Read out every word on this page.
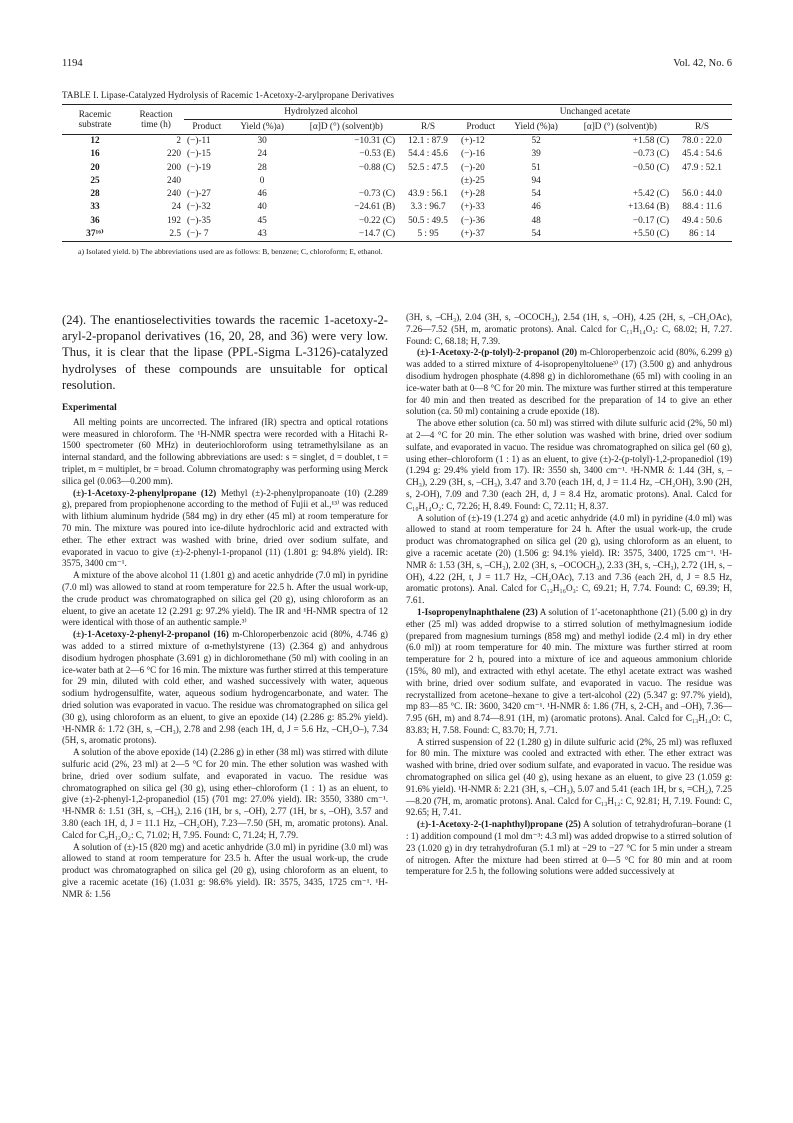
1194	Vol. 42, No. 6
TABLE I. Lipase-Catalyzed Hydrolysis of Racemic 1-Acetoxy-2-arylpropane Derivatives
Racemic substrate	Reaction time (h)	Hydrolyzed alcohol				Unchanged acetate			
		Product	Yield (%)a)	[α]D (°) (solvent)b)	R/S	Product	Yield (%)a)	[α]D (°) (solvent)b)	R/S
12	2	(−)-11	30	−10.31 (C)	12.1 : 87.9	(+)-12	52	+1.58 (C)	78.0 : 22.0
16	220	(−)-15	24	−0.53 (E)	54.4 : 45.6	(−)-16	39	−0.73 (C)	45.4 : 54.6
20	200	(−)-19	28	−0.88 (C)	52.5 : 47.5	(−)-20	51	−0.50 (C)	47.9 : 52.1
25	240		0			(±)-25	94		
28	240	(−)-27	46	−0.73 (C)	43.9 : 56.1	(+)-28	54	+5.42 (C)	56.0 : 44.0
33	24	(−)-32	40	−24.61 (B)	3.3 : 96.7	(+)-33	46	+13.64 (B)	88.4 : 11.6
36	192	(−)-35	45	−0.22 (C)	50.5 : 49.5	(−)-36	48	−0.17 (C)	49.4 : 50.6
37¹⁶⁾	2.5	(−)- 7	43	−14.7 (C)	5 : 95	(+)-37	54	+5.50 (C)	86 : 14
a) Isolated yield. b) The abbreviations used are as follows: B, benzene; C, chloroform; E, ethanol.

(24). The enantioselectivities towards the racemic 1-acetoxy-2-aryl-2-propanol derivatives (16, 20, 28, and 36) were very low. Thus, it is clear that the lipase (PPL-Sigma L-3126)-catalyzed hydrolyses of these compounds are unsuitable for optical resolution.

Experimental

All melting points are uncorrected. The infrared (IR) spectra and optical rotations were measured in chloroform. The ¹H-NMR spectra were recorded with a Hitachi R-1500 spectrometer (60 MHz) in deuteriochloroform using tetramethylsilane as an internal standard, and the following abbreviations are used: s = singlet, d = doublet, t = triplet, m = multiplet, br = broad. Column chromatography was performing using Merck silica gel (0.063—0.200 mm).

(±)-1-Acetoxy-2-phenylpropane (12) Methyl (±)-2-phenylpropanoate (10) (2.289 g), prepared from propiophenone according to the method of Fujii et al.,¹³⁾ was reduced with lithium aluminum hydride (584 mg) in dry ether (45 ml) at room temperature for 70 min. The mixture was poured into ice-dilute hydrochloric acid and extracted with ether. The ether extract was washed with brine, dried over sodium sulfate, and evaporated in vacuo to give (±)-2-phenyl-1-propanol (11) (1.801 g: 94.8% yield). IR: 3575, 3400 cm⁻¹.

A mixture of the above alcohol 11 (1.801 g) and acetic anhydride (7.0 ml) in pyridine (7.0 ml) was allowed to stand at room temperature for 22.5 h. After the usual work-up, the crude product was chromatographed on silica gel (20 g), using chloroform as an eluent, to give an acetate 12 (2.291 g: 97.2% yield). The IR and ¹H-NMR spectra of 12 were identical with those of an authentic sample.³⁾

(±)-1-Acetoxy-2-phenyl-2-propanol (16) m-Chloroperbenzoic acid (80%, 4.746 g) was added to a stirred mixture of α-methylstyrene (13) (2.364 g) and anhydrous disodium hydrogen phosphate (3.691 g) in dichloromethane (50 ml) with cooling in an ice-water bath at 2—6 °C for 16 min. The mixture was further stirred at this temperature for 29 min, diluted with cold ether, and washed successively with water, aqueous sodium hydrogensulfite, water, aqueous sodium hydrogencarbonate, and water. The dried solution was evaporated in vacuo. The residue was chromatographed on silica gel (30 g), using chloroform as an eluent, to give an epoxide (14) (2.286 g: 85.2% yield). ¹H-NMR δ: 1.72 (3H, s, –CH₃), 2.78 and 2.98 (each 1H, d, J = 5.6 Hz, –CH₂O–), 7.34 (5H, s, aromatic protons).

A solution of the above epoxide (14) (2.286 g) in ether (38 ml) was stirred with dilute sulfuric acid (2%, 23 ml) at 2—5 °C for 20 min. The ether solution was washed with brine, dried over sodium sulfate, and evaporated in vacuo. The residue was chromatographed on silica gel (30 g), using ether–chloroform (1 : 1) as an eluent, to give (±)-2-phenyl-1,2-propanediol (15) (701 mg: 27.0% yield). IR: 3550, 3380 cm⁻¹. ¹H-NMR δ: 1.51 (3H, s, –CH₃), 2.16 (1H, br s, –OH), 2.77 (1H, br s, –OH), 3.57 and 3.80 (each 1H, d, J = 11.1 Hz, –CH₂OH), 7.23—7.50 (5H, m, aromatic protons). Anal. Calcd for C₉H₁₂O₂: C, 71.02; H, 7.95. Found: C, 71.24; H, 7.79.

A solution of (±)-15 (820 mg) and acetic anhydride (3.0 ml) in pyridine (3.0 ml) was allowed to stand at room temperature for 23.5 h. After the usual work-up, the crude product was chromatographed on silica gel (20 g), using chloroform as an eluent, to give a racemic acetate (16) (1.031 g: 98.6% yield). IR: 3575, 3435, 1725 cm⁻¹. ¹H-NMR δ: 1.56

(3H, s, –CH₃), 2.04 (3H, s, –OCOCH₃), 2.54 (1H, s, –OH), 4.25 (2H, s, –CH₂OAc), 7.26—7.52 (5H, m, aromatic protons). Anal. Calcd for C₁₁H₁₄O₃: C, 68.02; H, 7.27. Found: C, 68.18; H, 7.39.

(±)-1-Acetoxy-2-(p-tolyl)-2-propanol (20) m-Chloroperbenzoic acid (80%, 6.299 g) was added to a stirred mixture of 4-isopropenyltoluene³⁾ (17) (3.500 g) and anhydrous disodium hydrogen phosphate (4.898 g) in dichloromethane (65 ml) with cooling in an ice-water bath at 0—8 °C for 20 min. The mixture was further stirred at this temperature for 40 min and then treated as described for the preparation of 14 to give an ether solution (ca. 50 ml) containing a crude epoxide (18).

The above ether solution (ca. 50 ml) was stirred with dilute sulfuric acid (2%, 50 ml) at 2—4 °C for 20 min. The ether solution was washed with brine, dried over sodium sulfate, and evaporated in vacuo. The residue was chromatographed on silica gel (60 g), using ether–chloroform (1 : 1) as an eluent, to give (±)-2-(p-tolyl)-1,2-propanediol (19) (1.294 g: 29.4% yield from 17). IR: 3550 sh, 3400 cm⁻¹. ¹H-NMR δ: 1.44 (3H, s, –CH₃), 2.29 (3H, s, –CH₃), 3.47 and 3.70 (each 1H, d, J = 11.4 Hz, –CH₂OH), 3.90 (2H, s, 2-OH), 7.09 and 7.30 (each 2H, d, J = 8.4 Hz, aromatic protons). Anal. Calcd for C₁₀H₁₄O₂: C, 72.26; H, 8.49. Found: C, 72.11; H, 8.37.

A solution of (±)-19 (1.274 g) and acetic anhydride (4.0 ml) in pyridine (4.0 ml) was allowed to stand at room temperature for 24 h. After the usual work-up, the crude product was chromatographed on silica gel (20 g), using chloroform as an eluent, to give a racemic acetate (20) (1.506 g: 94.1% yield). IR: 3575, 3400, 1725 cm⁻¹. ¹H-NMR δ: 1.53 (3H, s, –CH₃), 2.02 (3H, s, –OCOCH₃), 2.33 (3H, s, –CH₃), 2.72 (1H, s, –OH), 4.22 (2H, t, J = 11.7 Hz, –CH₂OAc), 7.13 and 7.36 (each 2H, d, J = 8.5 Hz, aromatic protons). Anal. Calcd for C₁₂H₁₆O₃: C, 69.21; H, 7.74. Found: C, 69.39; H, 7.61.

1-Isopropenylnaphthalene (23) A solution of 1′-acetonaphthone (21) (5.00 g) in dry ether (25 ml) was added dropwise to a stirred solution of methylmagnesium iodide (prepared from magnesium turnings (858 mg) and methyl iodide (2.4 ml) in dry ether (6.0 ml)) at room temperature for 40 min. The mixture was further stirred at room temperature for 2 h, poured into a mixture of ice and aqueous ammonium chloride (15%, 80 ml), and extracted with ethyl acetate. The ethyl acetate extract was washed with brine, dried over sodium sulfate, and evaporated in vacuo. The residue was recrystallized from acetone–hexane to give a tert-alcohol (22) (5.347 g: 97.7% yield), mp 83—85 °C. IR: 3600, 3420 cm⁻¹. ¹H-NMR δ: 1.86 (7H, s, 2-CH₃ and –OH), 7.36—7.95 (6H, m) and 8.74—8.91 (1H, m) (aromatic protons). Anal. Calcd for C₁₃H₁₄O: C, 83.83; H, 7.58. Found: C, 83.70; H, 7.71.

A stirred suspension of 22 (1.280 g) in dilute sulfuric acid (2%, 25 ml) was refluxed for 80 min. The mixture was cooled and extracted with ether. The ether extract was washed with brine, dried over sodium sulfate, and evaporated in vacuo. The residue was chromatographed on silica gel (40 g), using hexane as an eluent, to give 23 (1.059 g: 91.6% yield). ¹H-NMR δ: 2.21 (3H, s, –CH₃), 5.07 and 5.41 (each 1H, br s, =CH₂), 7.25—8.20 (7H, m, aromatic protons). Anal. Calcd for C₁₃H₁₂: C, 92.81; H, 7.19. Found: C, 92.65; H, 7.41.

(±)-1-Acetoxy-2-(1-naphthyl)propane (25) A solution of tetrahydrofuran–borane (1 : 1) addition compound (1 mol dm⁻³: 4.3 ml) was added dropwise to a stirred solution of 23 (1.020 g) in dry tetrahydrofuran (5.1 ml) at −29 to −27 °C for 5 min under a stream of nitrogen. After the mixture had been stirred at 0—5 °C for 80 min and at room temperature for 2.5 h, the following solutions were added successively at
